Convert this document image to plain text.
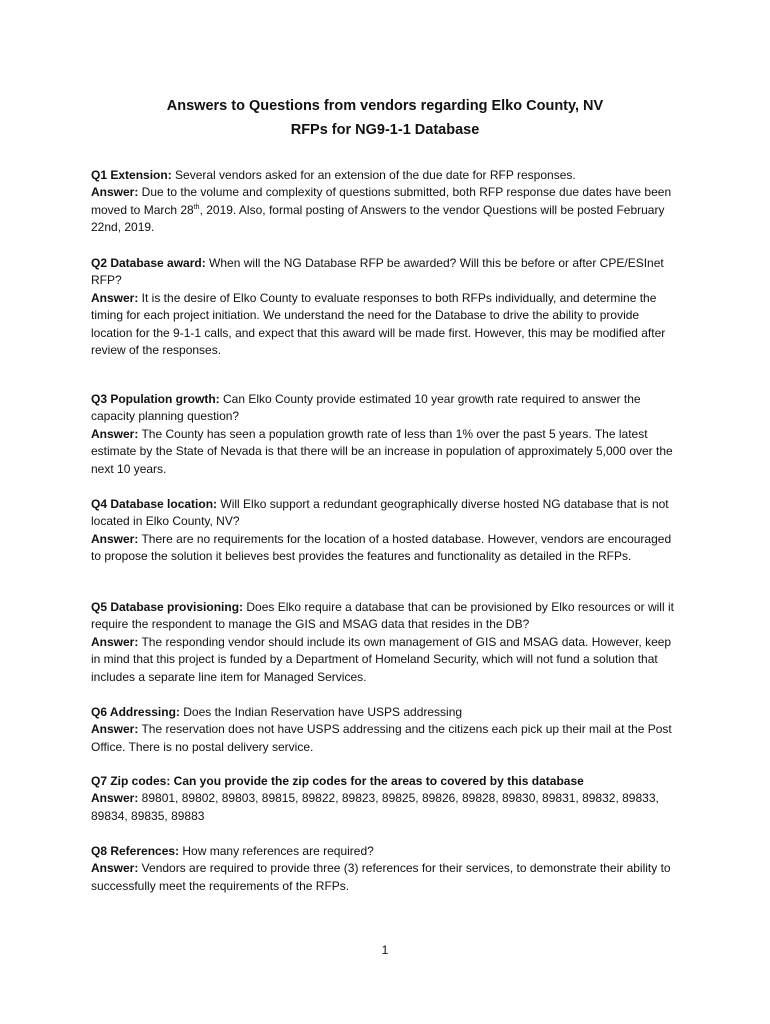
Answers to Questions from vendors regarding Elko County, NV
RFPs for NG9-1-1 Database

Q1 Extension: Several vendors asked for an extension of the due date for RFP responses.

Answer: Due to the volume and complexity of questions submitted, both RFP response due dates have been moved to March 28th, 2019. Also, formal posting of Answers to the vendor Questions will be posted February 22nd, 2019.

Q2 Database award: When will the NG Database RFP be awarded? Will this be before or after CPE/ESInet RFP?

Answer: It is the desire of Elko County to evaluate responses to both RFPs individually, and determine the timing for each project initiation. We understand the need for the Database to drive the ability to provide location for the 9-1-1 calls, and expect that this award will be made first. However, this may be modified after review of the responses.

Q3 Population growth: Can Elko County provide estimated 10 year growth rate required to answer the capacity planning question?

Answer: The County has seen a population growth rate of less than 1% over the past 5 years. The latest estimate by the State of Nevada is that there will be an increase in population of approximately 5,000 over the next 10 years.

Q4 Database location: Will Elko support a redundant geographically diverse hosted NG database that is not located in Elko County, NV?

Answer: There are no requirements for the location of a hosted database. However, vendors are encouraged to propose the solution it believes best provides the features and functionality as detailed in the RFPs.

Q5 Database provisioning: Does Elko require a database that can be provisioned by Elko resources or will it require the respondent to manage the GIS and MSAG data that resides in the DB?

Answer: The responding vendor should include its own management of GIS and MSAG data. However, keep in mind that this project is funded by a Department of Homeland Security, which will not fund a solution that includes a separate line item for Managed Services.

Q6 Addressing: Does the Indian Reservation have USPS addressing

Answer: The reservation does not have USPS addressing and the citizens each pick up their mail at the Post Office. There is no postal delivery service.

Q7 Zip codes: Can you provide the zip codes for the areas to covered by this database

Answer: 89801, 89802, 89803, 89815, 89822, 89823, 89825, 89826, 89828, 89830, 89831, 89832, 89833, 89834, 89835, 89883

Q8 References: How many references are required?

Answer: Vendors are required to provide three (3) references for their services, to demonstrate their ability to successfully meet the requirements of the RFPs.

1
